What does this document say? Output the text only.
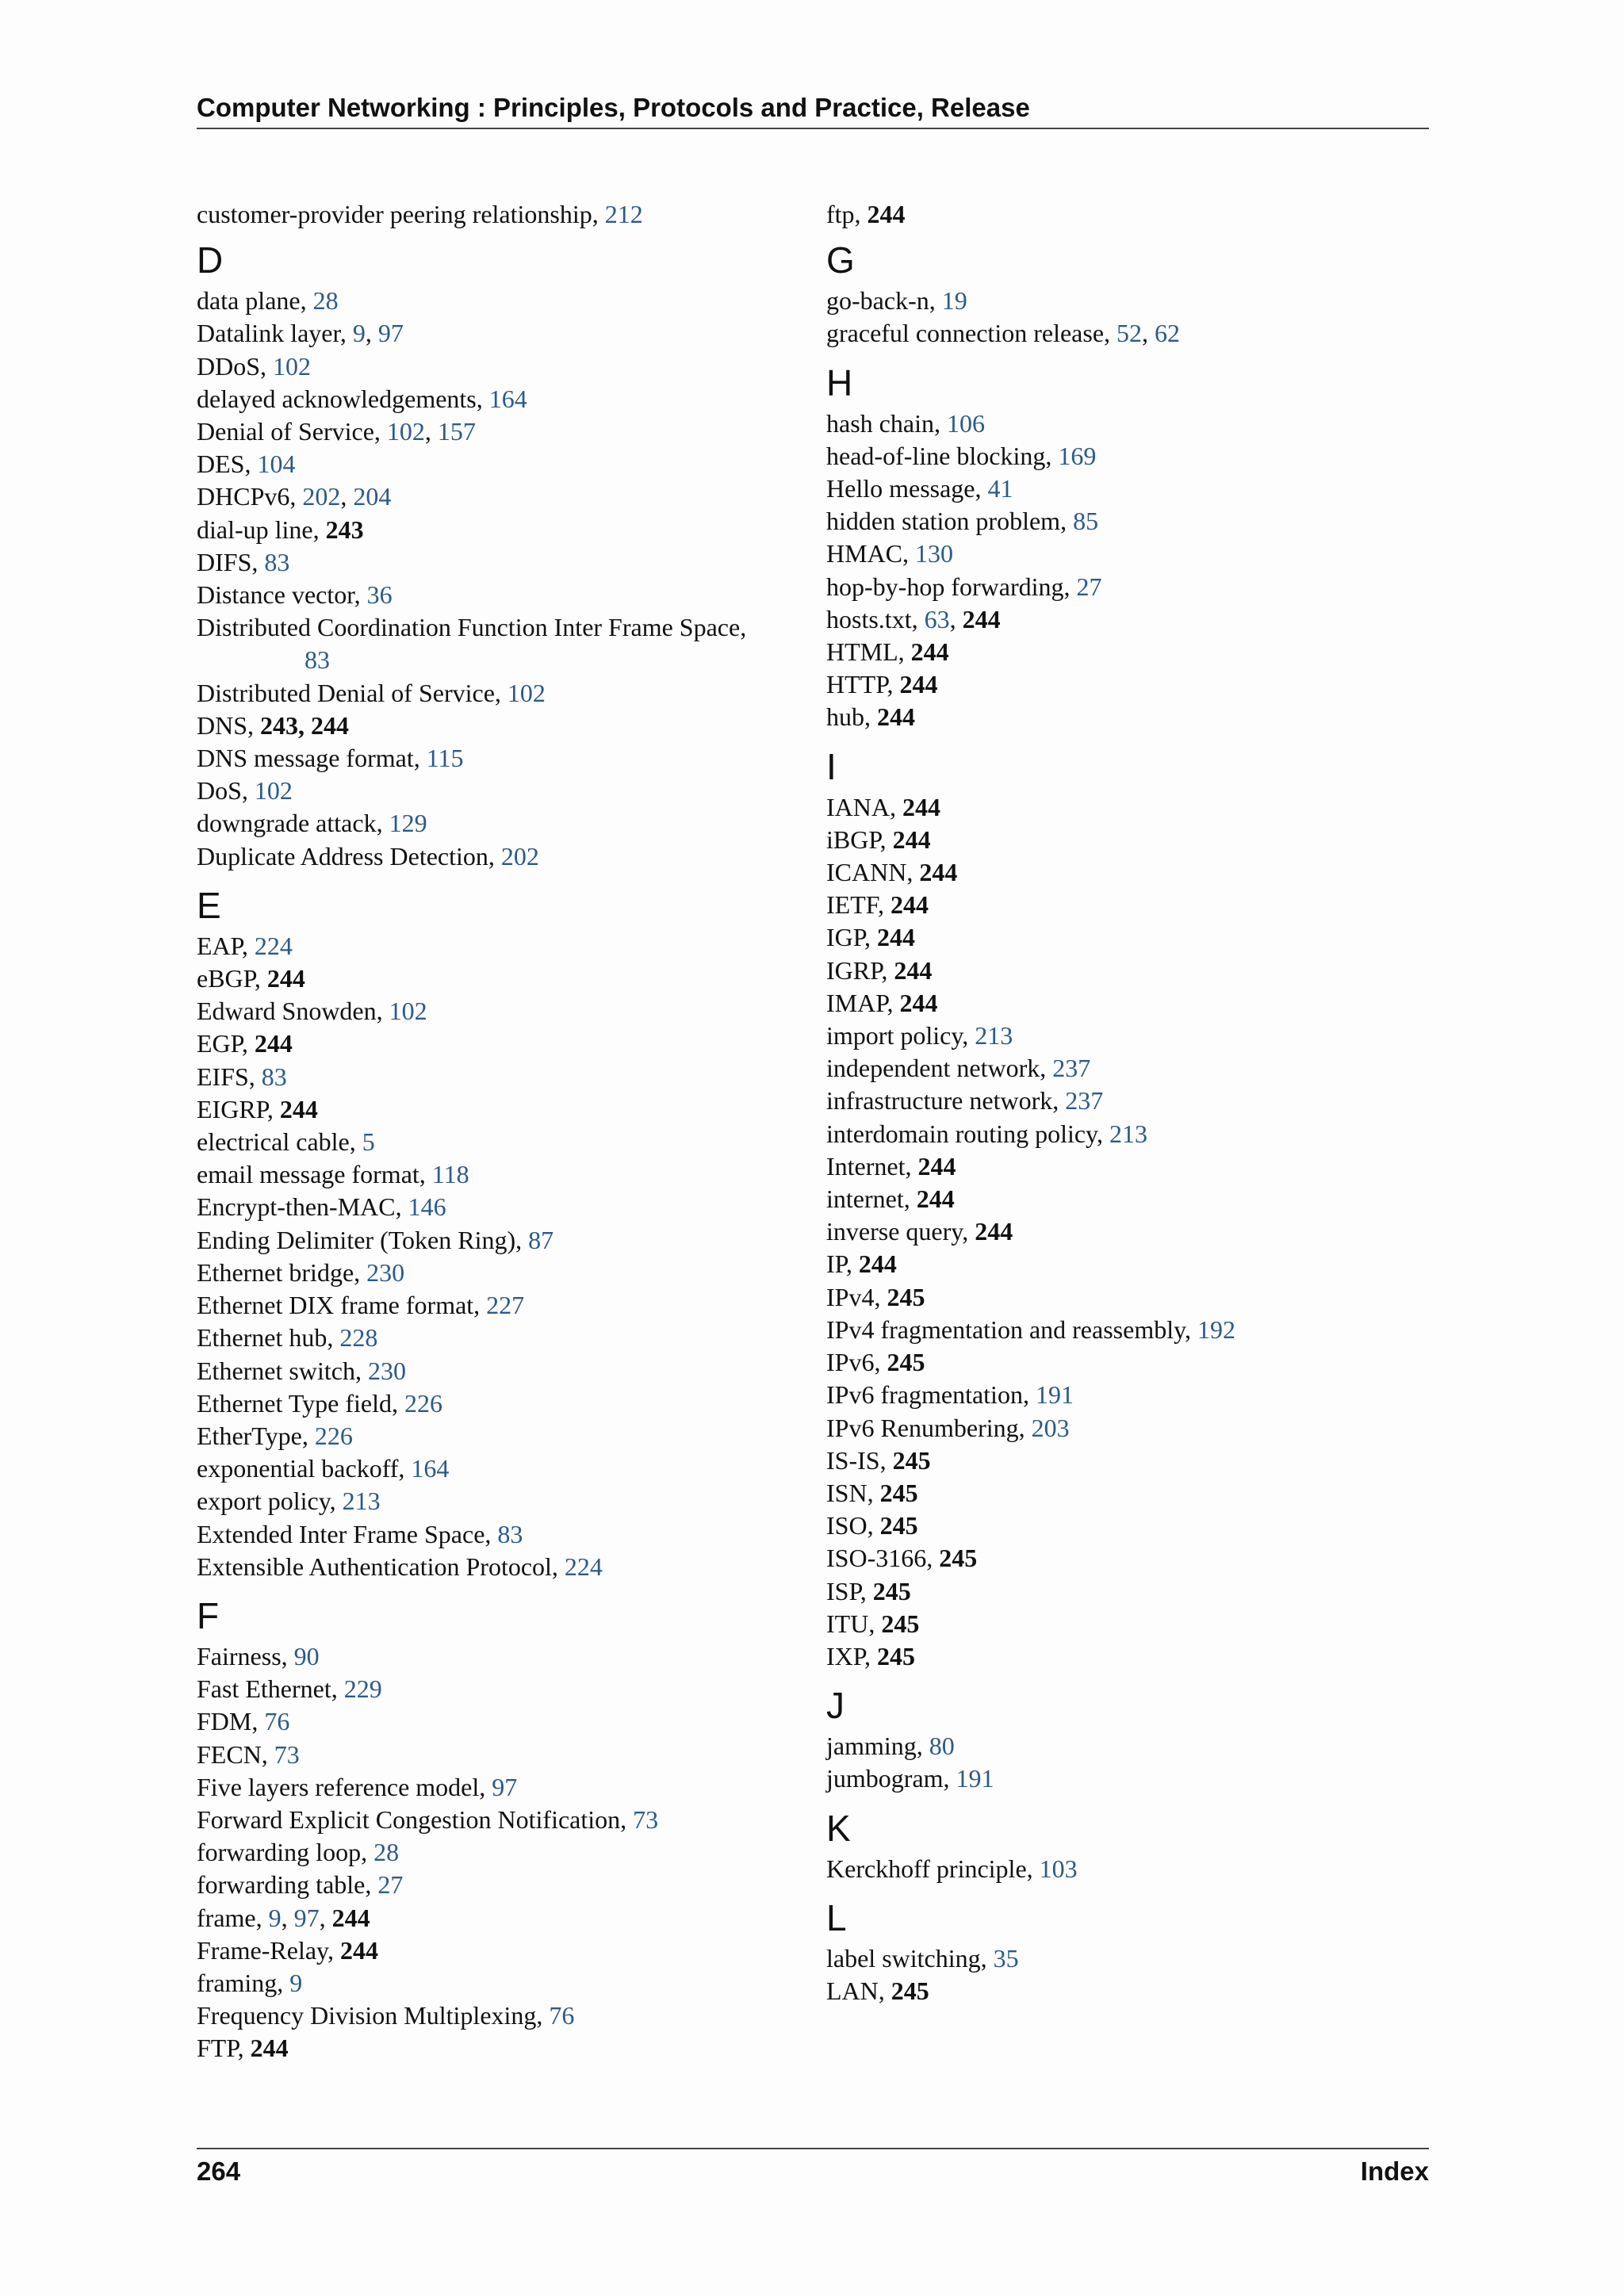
Computer Networking : Principles, Protocols and Practice, Release
customer-provider peering relationship, 212
D
data plane, 28
Datalink layer, 9, 97
DDoS, 102
delayed acknowledgements, 164
Denial of Service, 102, 157
DES, 104
DHCPv6, 202, 204
dial-up line, 243
DIFS, 83
Distance vector, 36
Distributed Coordination Function Inter Frame Space,
83
Distributed Denial of Service, 102
DNS, 243, 244
DNS message format, 115
DoS, 102
downgrade attack, 129
Duplicate Address Detection, 202
E
EAP, 224
eBGP, 244
Edward Snowden, 102
EGP, 244
EIFS, 83
EIGRP, 244
electrical cable, 5
email message format, 118
Encrypt-then-MAC, 146
Ending Delimiter (Token Ring), 87
Ethernet bridge, 230
Ethernet DIX frame format, 227
Ethernet hub, 228
Ethernet switch, 230
Ethernet Type field, 226
EtherType, 226
exponential backoff, 164
export policy, 213
Extended Inter Frame Space, 83
Extensible Authentication Protocol, 224
F
Fairness, 90
Fast Ethernet, 229
FDM, 76
FECN, 73
Five layers reference model, 97
Forward Explicit Congestion Notification, 73
forwarding loop, 28
forwarding table, 27
frame, 9, 97, 244
Frame-Relay, 244
framing, 9
Frequency Division Multiplexing, 76
FTP, 244
ftp, 244
G
go-back-n, 19
graceful connection release, 52, 62
H
hash chain, 106
head-of-line blocking, 169
Hello message, 41
hidden station problem, 85
HMAC, 130
hop-by-hop forwarding, 27
hosts.txt, 63, 244
HTML, 244
HTTP, 244
hub, 244
I
IANA, 244
iBGP, 244
ICANN, 244
IETF, 244
IGP, 244
IGRP, 244
IMAP, 244
import policy, 213
independent network, 237
infrastructure network, 237
interdomain routing policy, 213
Internet, 244
internet, 244
inverse query, 244
IP, 244
IPv4, 245
IPv4 fragmentation and reassembly, 192
IPv6, 245
IPv6 fragmentation, 191
IPv6 Renumbering, 203
IS-IS, 245
ISN, 245
ISO, 245
ISO-3166, 245
ISP, 245
ITU, 245
IXP, 245
J
jamming, 80
jumbogram, 191
K
Kerckhoff principle, 103
L
label switching, 35
LAN, 245
264	Index
